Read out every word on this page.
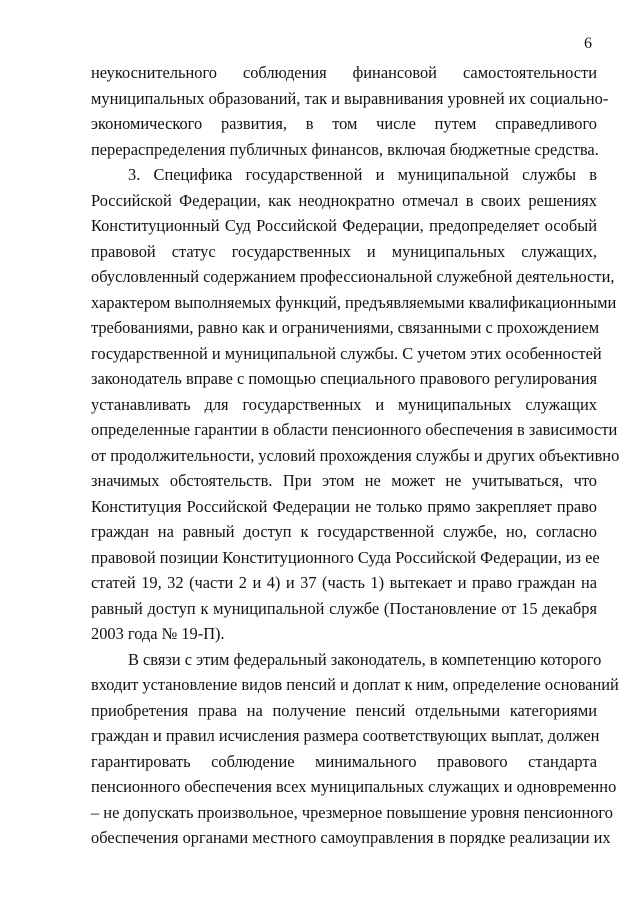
6
неукоснительного соблюдения финансовой самостоятельности
муниципальных образований, так и выравнивания уровней их социально-
экономического развития, в том числе путем справедливого
перераспределения публичных финансов, включая бюджетные средства.
3. Специфика государственной и муниципальной службы в
Российской Федерации, как неоднократно отмечал в своих решениях
Конституционный Суд Российской Федерации, предопределяет особый
правовой статус государственных и муниципальных служащих,
обусловленный содержанием профессиональной служебной деятельности,
характером выполняемых функций, предъявляемыми квалификационными
требованиями, равно как и ограничениями, связанными с прохождением
государственной и муниципальной службы. С учетом этих особенностей
законодатель вправе с помощью специального правового регулирования
устанавливать для государственных и муниципальных служащих
определенные гарантии в области пенсионного обеспечения в зависимости
от продолжительности, условий прохождения службы и других объективно
значимых обстоятельств. При этом не может не учитываться, что
Конституция Российской Федерации не только прямо закрепляет право
граждан на равный доступ к государственной службе, но, согласно
правовой позиции Конституционного Суда Российской Федерации, из ее
статей 19, 32 (части 2 и 4) и 37 (часть 1) вытекает и право граждан на
равный доступ к муниципальной службе (Постановление от 15 декабря
2003 года № 19-П).
В связи с этим федеральный законодатель, в компетенцию которого
входит установление видов пенсий и доплат к ним, определение оснований
приобретения права на получение пенсий отдельными категориями
граждан и правил исчисления размера соответствующих выплат, должен
гарантировать соблюдение минимального правового стандарта
пенсионного обеспечения всех муниципальных служащих и одновременно
– не допускать произвольное, чрезмерное повышение уровня пенсионного
обеспечения органами местного самоуправления в порядке реализации их
